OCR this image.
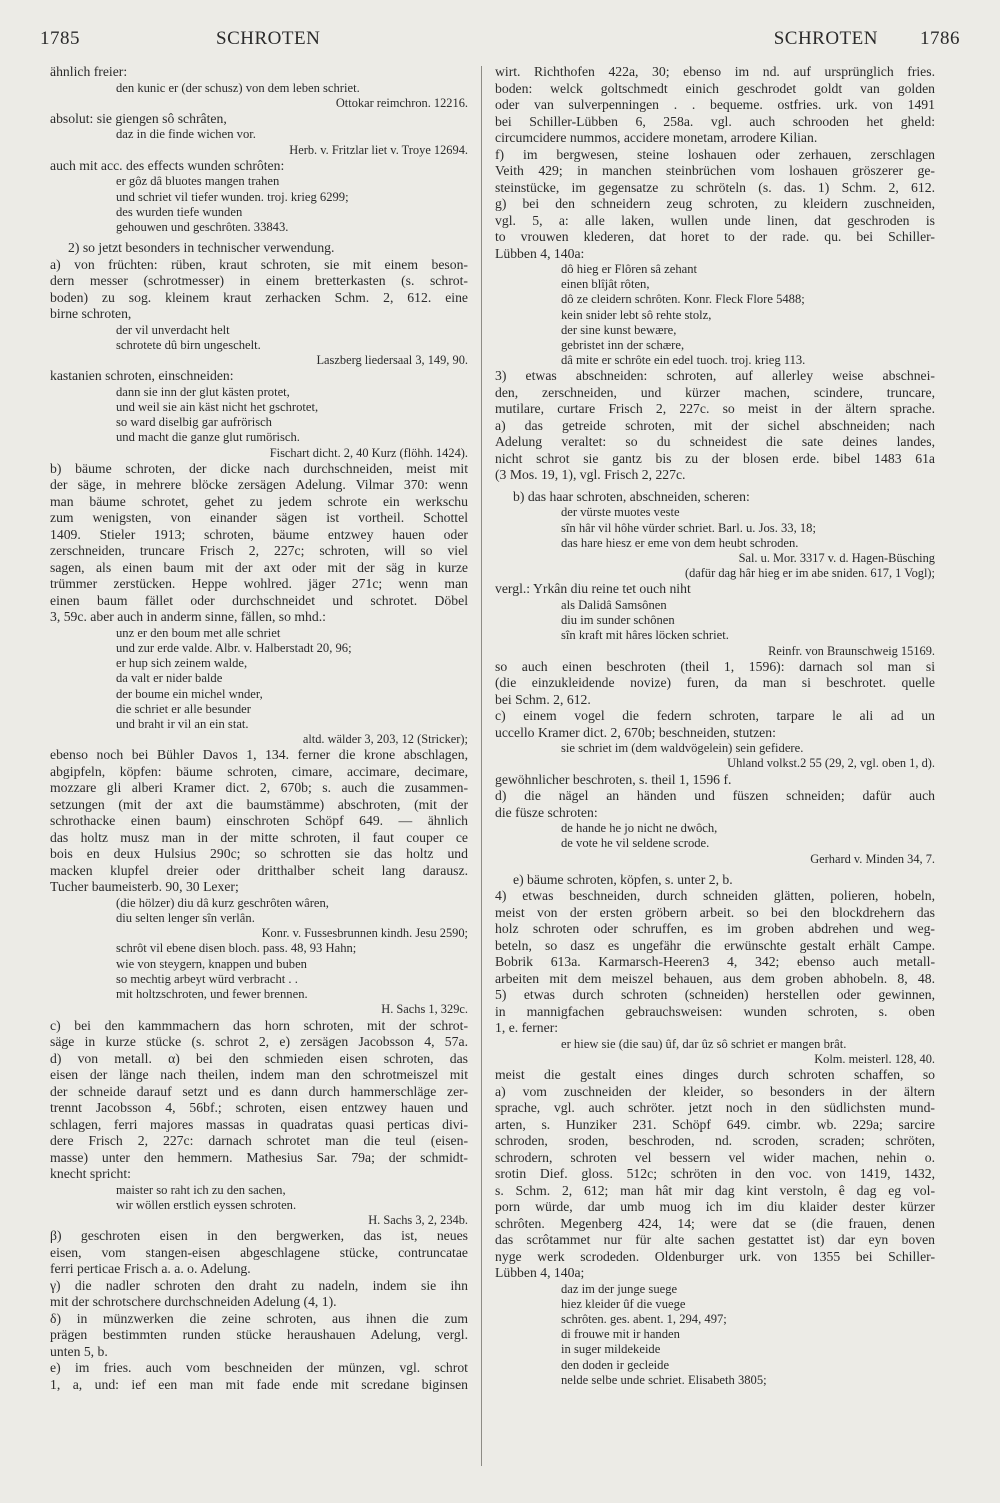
1785	SCHROTEN	SCHROTEN 1786
ähnlich freier:
den kunic er (der schusz) von dem leben schriet.
Ottokar reimchron. 12216.
absolut: sie giengen sô schrâten,
daz in die finde wichen vor.
Herb. v. Fritzlar liet v. Troye 12694.
auch mit acc. des effects wunden schrôten:
er gôz dâ bluotes mangen trahen
und schriet vil tiefer wunden. troj. krieg 6299;
des wurden tiefe wunden
gehouwen und geschrôten. 33843.
2) so jetzt besonders in technischer verwendung.
a) von früchten: rüben, kraut schroten, sie mit einem beson-
dern messer (schrotmesser) in einem bretterkasten (s. schrot-
boden) zu sog. kleinem kraut zerhacken Schm. 2, 612. eine
birne schroten,
der vil unverdacht helt
schrotete dû birn ungeschelt.
Laszberg liedersaal 3, 149, 90.
kastanien schroten, einschneiden:
dann sie inn der glut kästen protet,
und weil sie ain käst nicht het gschrotet,
so ward diselbig gar aufrörisch
und macht die ganze glut rumörisch.
Fischart dicht. 2, 40 Kurz (flöhh. 1424).
b) bäume schroten, der dicke nach durchschneiden, meist mit
der säge, in mehrere blöcke zersägen Adelung. Vilmar 370: wenn
man bäume schrotet, gehet zu jedem schrote ein werkschu
zum wenigsten, von einander sägen ist vortheil. Schottel
1409. Stieler 1913; schroten, bäume entzwey hauen oder
zerschneiden, truncare Frisch 2, 227c; schroten, will so viel
sagen, als einen baum mit der axt oder mit der säg in kurze
trümmer zerstücken. Heppe wohlred. jäger 271c; wenn man
einen baum fället oder durchschneidet und schrotet. Döbel
3, 59c. aber auch in anderm sinne, fällen, so mhd.:
unz er den boum met alle schriet
und zur erde valde. Albr. v. Halberstadt 20, 96;
er hup sich zeinem walde,
da valt er nider balde
der boume ein michel wnder,
die schriet er alle besunder
und braht ir vil an ein stat.
altd. wälder 3, 203, 12 (Stricker);
ebenso noch bei Bühler Davos 1, 134. ferner die krone abschlagen,
abgipfeln, köpfen: bäume schroten, cimare, accimare, decimare,
mozzare gli alberi Kramer dict. 2, 670b; s. auch die zusammen-
setzungen (mit der axt die baumstämme) abschroten, (mit der
schrothacke einen baum) einschroten Schöpf 649. — ähnlich
das holtz musz man in der mitte schroten, il faut couper ce
bois en deux Hulsius 290c; so schrotten sie das holtz und
macken klupfel dreier oder dritthalber scheit lang darausz.
Tucher baumeisterb. 90, 30 Lexer;
(die hölzer) diu dâ kurz geschrôten wâren,
diu selten lenger sîn verlân.
Konr. v. Fussesbrunnen kindh. Jesu 2590;
schrôt vil ebene disen bloch. pass. 48, 93 Hahn;
wie von steygern, knappen und buben
so mechtig arbeyt würd verbracht . .
mit holtzschroten, und fewer brennen.
H. Sachs 1, 329c.
c) bei den kammmachern das horn schroten, mit der schrot-
säge in kurze stücke (s. schrot 2, e) zersägen Jacobsson 4, 57a.
d) von metall. α) bei den schmieden eisen schroten, das
eisen der länge nach theilen, indem man den schrotmeiszel mit
der schneide darauf setzt und es dann durch hammerschläge zer-
trennt Jacobsson 4, 56bf.; schroten, eisen entzwey hauen und
schlagen, ferri majores massas in quadratas quasi perticas divi-
dere Frisch 2, 227c: darnach schrotet man die teul (eisen-
masse) unter den hemmern. Mathesius Sar. 79a; der schmidt-
knecht spricht:
maister so raht ich zu den sachen,
wir wöllen erstlich eyssen schroten.
H. Sachs 3, 2, 234b.
β) geschroten eisen in den bergwerken, das ist, neues
eisen, vom stangen-eisen abgeschlagene stücke, contruncatae
ferri perticae Frisch a. a. o. Adelung.
γ) die nadler schroten den draht zu nadeln, indem sie ihn
mit der schrotschere durchschneiden Adelung (4, 1).
δ) in münzwerken die zeine schroten, aus ihnen die zum
prägen bestimmten runden stücke heraushauen Adelung, vergl.
unten 5, b.
e) im fries. auch vom beschneiden der münzen, vgl. schrot
1, a, und: ief een man mit fade ende mit scredane biginsen
wirt. Richthofen 422a, 30; ebenso im nd. auf ursprünglich fries.
boden: welck goltschmedt einich geschrodet goldt van golden
oder van sulverpenningen . . bequeme. ostfries. urk. von 1491
bei Schiller-Lübben 6, 258a. vgl. auch schrooden het gheld:
circumcidere nummos, accidere monetam, arrodere Kilian.
f) im bergwesen, steine loshauen oder zerhauen, zerschlagen
Veith 429; in manchen steinbrüchen vom loshauen gröszerer ge-
steinstücke, im gegensatze zu schröteln (s. das. 1) Schm. 2, 612.
g) bei den schneidern zeug schroten, zu kleidern zuschneiden,
vgl. 5, a: alle laken, wullen unde linen, dat geschroden is
to vrouwen klederen, dat horet to der rade. qu. bei Schiller-
Lübben 4, 140a:
dô hieg er Flôren sâ zehant
einen blîjât rôten,
dô ze cleidern schrôten. Konr. Fleck Flore 5488;
kein snider lebt sô rehte stolz,
der sine kunst bewære,
gebristet inn der schære,
dâ mite er schrôte ein edel tuoch. troj. krieg 113.
3) etwas abschneiden: schroten, auf allerley weise abschnei-
den, zerschneiden, und kürzer machen, scindere, truncare,
mutilare, curtare Frisch 2, 227c. so meist in der ältern sprache.
a) das getreide schroten, mit der sichel abschneiden; nach
Adelung veraltet: so du schneidest die sate deines landes,
nicht schrot sie gantz bis zu der blosen erde. bibel 1483 61a
(3 Mos. 19, 1), vgl. Frisch 2, 227c.
b) das haar schroten, abschneiden, scheren:
der vürste muotes veste
sîn hâr vil hôhe vürder schriet. Barl. u. Jos. 33, 18;
das hare hiesz er eme von dem heubt schroden.
Sal. u. Mor. 3317 v. d. Hagen-Büsching
(dafür dag hâr hieg er im abe sniden. 617, 1 Vogl);
vergl.: Yrkân diu reine tet ouch niht
als Dalidâ Samsônen
diu im sunder schônen
sîn kraft mit hâres löcken schriet.
Reinfr. von Braunschweig 15169.
so auch einen beschroten (theil 1, 1596): darnach sol man si
(die einzukleidende novize) furen, da man si beschrotet. quelle
bei Schm. 2, 612.
c) einem vogel die federn schroten, tarpare le ali ad un
uccello Kramer dict. 2, 670b; beschneiden, stutzen:
sie schriet im (dem waldvögelein) sein gefidere.
Uhland volkst.2 55 (29, 2, vgl. oben 1, d).
gewöhnlicher beschroten, s. theil 1, 1596 f.
d) die nägel an händen und füszen schneiden; dafür auch
die füsze schroten:
de hande he jo nicht ne dwôch,
de vote he vil seldene scrode.
Gerhard v. Minden 34, 7.
e) bäume schroten, köpfen, s. unter 2, b.
4) etwas beschneiden, durch schneiden glätten, polieren, hobeln,
meist von der ersten gröbern arbeit. so bei den blockdrehern das
holz schroten oder schruffen, es im groben abdrehen und weg-
beteln, so dasz es ungefähr die erwünschte gestalt erhält Campe.
Bobrik 613a. Karmarsch-Heeren3 4, 342; ebenso auch metall-
arbeiten mit dem meiszel behauen, aus dem groben abhobeln. 8, 48.
5) etwas durch schroten (schneiden) herstellen oder gewinnen,
in mannigfachen gebrauchsweisen: wunden schroten, s. oben
1, e. ferner:
er hiew sie (die sau) ûf, dar ûz sô schriet er mangen brât.
Kolm. meisterl. 128, 40.
meist die gestalt eines dinges durch schroten schaffen, so
a) vom zuschneiden der kleider, so besonders in der ältern
sprache, vgl. auch schröter. jetzt noch in den südlichsten mund-
arten, s. Hunziker 231. Schöpf 649. cimbr. wb. 229a; sarcire
schroden, sroden, beschroden, nd. scroden, scraden; schröten,
schrodern, schroten vel bessern vel wider machen, nehin o.
srotin Dief. gloss. 512c; schröten in den voc. von 1419, 1432,
s. Schm. 2, 612; man hât mir dag kint verstoln, ê dag eg vol-
porn würde, dar umb muog ich im diu klaider dester kürzer
schrôten. Megenberg 424, 14; were dat se (die frauen, denen
das scrôtammet nur für alte sachen gestattet ist) dar eyn boven
nyge werk scrodeden. Oldenburger urk. von 1355 bei Schiller-
Lübben 4, 140a;
daz im der junge suege
hiez kleider ûf die vuege
schrôten. ges. abent. 1, 294, 497;
di frouwe mit ir handen
in suger mildekeide
den doden ir gecleide
nelde selbe unde schriet. Elisabeth 3805;
